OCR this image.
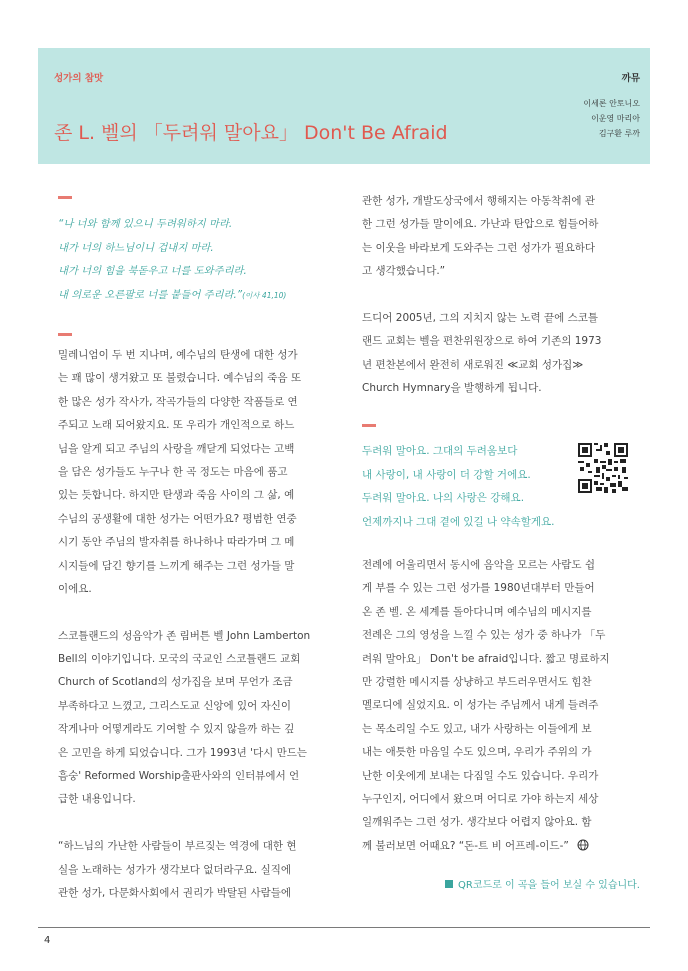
성가의 참맛	까뮤
이세론 안토니오
이운영 마리아
김구환 루까
존 L. 벨의 「두려워 말아요」 Don't Be Afraid
“나 너와 함께 있으니 두려워하지 마라.
내가 너의 하느님이니 겁내지 마라.
내가 너의 힘을 북돋우고 너를 도와주리라.
내 의로운 오른팔로 너를 붙들어 주리라.”(이사 41,10)
밀레니엄이 두 번 지나며, 예수님의 탄생에 대한 성가
는 꽤 많이 생겨왔고 또 불렸습니다. 예수님의 죽음 또
한 많은 성가 작사가, 작곡가들의 다양한 작품들로 연
주되고 노래 되어왔지요. 또 우리가 개인적으로 하느
님을 알게 되고 주님의 사랑을 깨닫게 되었다는 고백
을 담은 성가들도 누구나 한 곡 정도는 마음에 품고
있는 듯합니다. 하지만 탄생과 죽음 사이의 그 삶, 예
수님의 공생활에 대한 성가는 어떤가요? 평범한 연중
시기 동안 주님의 발자취를 하나하나 따라가며 그 메
시지들에 담긴 향기를 느끼게 해주는 그런 성가들 말
이에요.
스코틀랜드의 성음악가 존 림버튼 벨 John Lamberton
Bell의 이야기입니다. 모국의 국교인 스코틀랜드 교회
Church of Scotland의 성가집을 보며 무언가 조금
부족하다고 느꼈고, 그리스도교 신앙에 있어 자신이
작게나마 어떻게라도 기여할 수 있지 않을까 하는 깊
은 고민을 하게 되었습니다. 그가 1993년 '다시 만드는
흠숭' Reformed Worship출판사와의 인터뷰에서 언
급한 내용입니다.
“하느님의 가난한 사람들이 부르짖는 역경에 대한 현
실을 노래하는 성가가 생각보다 없더라구요. 실직에
관한 성가, 다문화사회에서 권리가 박탈된 사람들에
관한 성가, 개발도상국에서 행해지는 아동착취에 관
한 그런 성가들 말이에요. 가난과 탄압으로 힘들어하
는 이웃을 바라보게 도와주는 그런 성가가 필요하다
고 생각했습니다.”
드디어 2005년, 그의 지치지 않는 노력 끝에 스코틀
랜드 교회는 벨을 편찬위원장으로 하여 기존의 1973
년 편찬본에서 완전히 새로워진 ≪교회 성가집≫
Church Hymnary을 발행하게 됩니다.
두려워 말아요. 그대의 두려움보다
내 사랑이, 내 사랑이 더 강할 거에요.
두려워 말아요. 나의 사랑은 강해요.
언제까지나 그대 곁에 있길 나 약속할게요.
전례에 어울리면서 동시에 음악을 모르는 사람도 쉽
게 부를 수 있는 그런 성가를 1980년대부터 만들어
온 존 벨. 온 세계를 돌아다니며 예수님의 메시지를
전례은 그의 영성을 느낄 수 있는 성가 중 하나가 「두
려워 말아요」 Don't be afraid입니다. 짧고 명료하지
만 강렬한 메시지를 상냥하고 부드러우면서도 힘찬
멜로디에 실었지요. 이 성가는 주님께서 내게 들려주
는 목소리일 수도 있고, 내가 사랑하는 이들에게 보
내는 애틋한 마음일 수도 있으며, 우리가 주위의 가
난한 이웃에게 보내는 다짐일 수도 있습니다. 우리가
누구인지, 어디에서 왔으며 어디로 가야 하는지 세상
일깨워주는 그런 성가. 생각보다 어렵지 않아요. 함
께 불러보면 어때요? “돈-트 비 어프레-이드-”
QR코드로 이 곡을 들어 보실 수 있습니다.
4
